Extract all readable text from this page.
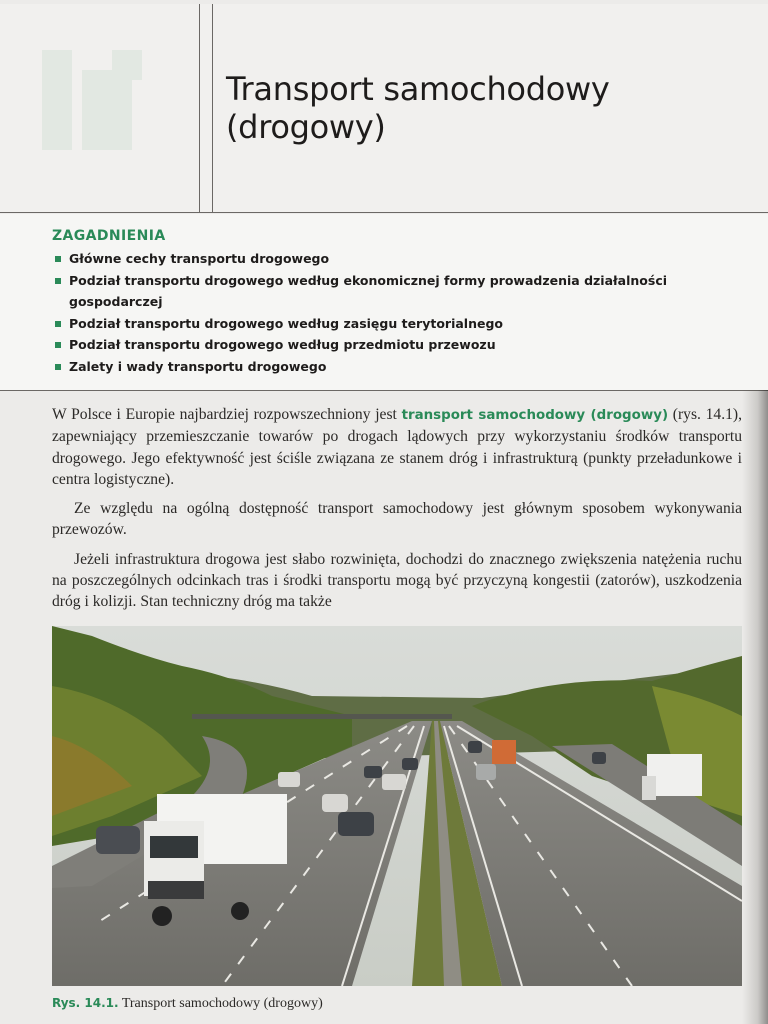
Transport samochodowy
(drogowy)
ZAGADNIENIA
Główne cechy transportu drogowego
Podział transportu drogowego według ekonomicznej formy prowadzenia działalności gospodarczej
Podział transportu drogowego według zasięgu terytorialnego
Podział transportu drogowego według przedmiotu przewozu
Zalety i wady transportu drogowego

W Polsce i Europie najbardziej rozpowszechniony jest transport samochodowy (drogowy) (rys. 14.1), zapewniający przemieszczanie towarów po drogach lądowych przy wykorzystaniu środków transportu drogowego. Jego efektywność jest ściśle związana ze stanem dróg i infrastrukturą (punkty przeładunkowe i centra logistyczne).

Ze względu na ogólną dostępność transport samochodowy jest głównym sposobem wykonywania przewozów.

Jeżeli infrastruktura drogowa jest słabo rozwinięta, dochodzi do znacznego zwiększenia natężenia ruchu na poszczególnych odcinkach tras i środki transportu mogą być przyczyną kongestii (zatorów), uszkodzenia dróg i kolizji. Stan techniczny dróg ma także

Rys. 14.1. Transport samochodowy (drogowy)
